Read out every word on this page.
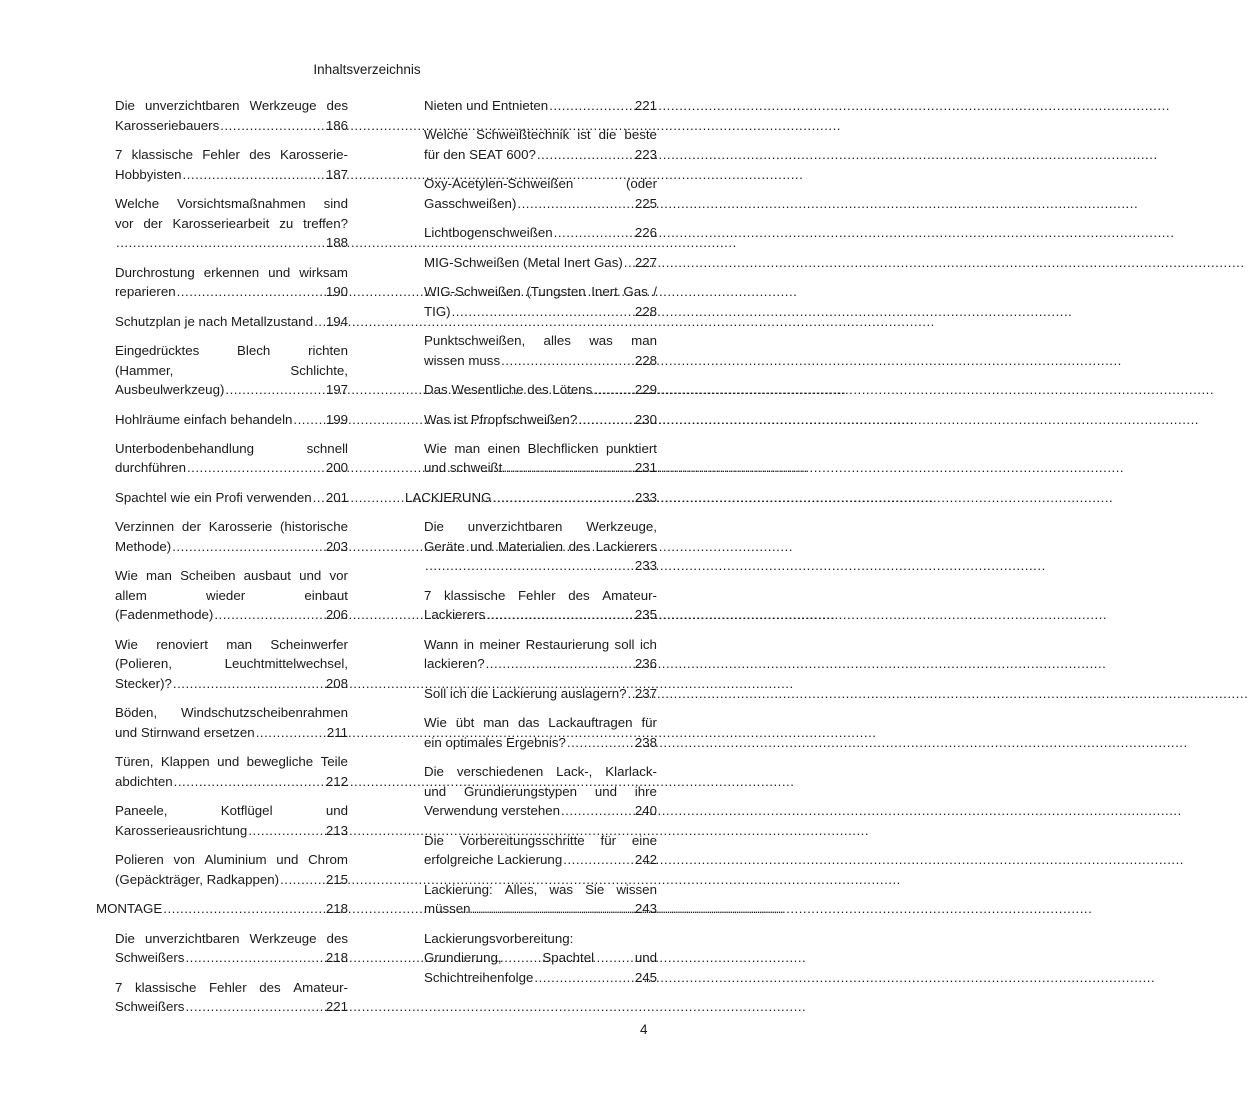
Inhaltsverzeichnis
Die unverzichtbaren Werkzeuge des
Karosseriebauers .....	186
7 klassische Fehler des Karosserie-
Hobbyisten .....	187
Welche Vorsichtsmaßnahmen sind
vor der Karosseriearbeit zu treffen?
.....
188
Durchrostung erkennen und wirksam
reparieren .....	190
Schutzplan je nach Metallzustand ..... 194
Eingedrücktes	Blech	richten
(Hammer,	Schlichte,
Ausbeulwerkzeug) .....	197
Hohlräume einfach behandeln .....	199
Unterbodenbehandlung	schnell
durchführen .....	200
Spachtel wie ein Profi verwenden ..... 201
Verzinnen der Karosserie (historische
Methode) .....	203
Wie man Scheiben ausbaut und vor
allem	wieder	einbaut
(Fadenmethode) .....	206
Wie renoviert man Scheinwerfer
(Polieren,	Leuchtmittelwechsel,
Stecker)? .....	208
Böden, Windschutzscheibenrahmen
und Stirnwand ersetzen .....	211
Türen, Klappen und bewegliche Teile
abdichten .....	212
Paneele,	Kotflügel	und
Karosserieausrichtung .....	213
Polieren von Aluminium und Chrom
(Gepäckträger, Radkappen) .....	215
MONTAGE .....	218
Die unverzichtbaren Werkzeuge des
Schweißers .....	218
7 klassische Fehler des Amateur-
Schweißers .....	221
Nieten und Entnieten .....	221
Welche Schweißtechnik ist die beste
für den SEAT 600? .....	223
Oxy-Acetylen-Schweißen	(oder
Gasschweißen) .....	225
Lichtbogenschweißen .....	226
MIG-Schweißen (Metal Inert Gas) ..... 227
WIG-Schweißen (Tungsten Inert Gas /
TIG) .....	228
Punktschweißen, alles was man
wissen muss .....	228
Das Wesentliche des Lötens .....	229
Was ist Pfropfschweißen? .....	230
Wie man einen Blechflicken punktiert
und schweißt .....	231
LACKIERUNG .....	233
Die unverzichtbaren Werkzeuge,
Geräte und Materialien des Lackierers
.....
233
7 klassische Fehler des Amateur-
Lackierers .....	235
Wann in meiner Restaurierung soll ich
lackieren? .....	236
Soll ich die Lackierung auslagern? ..... 237
Wie übt man das Lackauftragen für
ein optimales Ergebnis? .....	238
Die verschiedenen Lack-, Klarlack-
und Grundierungstypen und ihre
Verwendung verstehen .....	240
Die Vorbereitungsschritte für eine
erfolgreiche Lackierung .....	242
Lackierung: Alles, was Sie wissen
müssen .....	243
Lackierungsvorbereitung:
Grundierung,	Spachtel	und
Schichtreihenfolge .....	245
4
